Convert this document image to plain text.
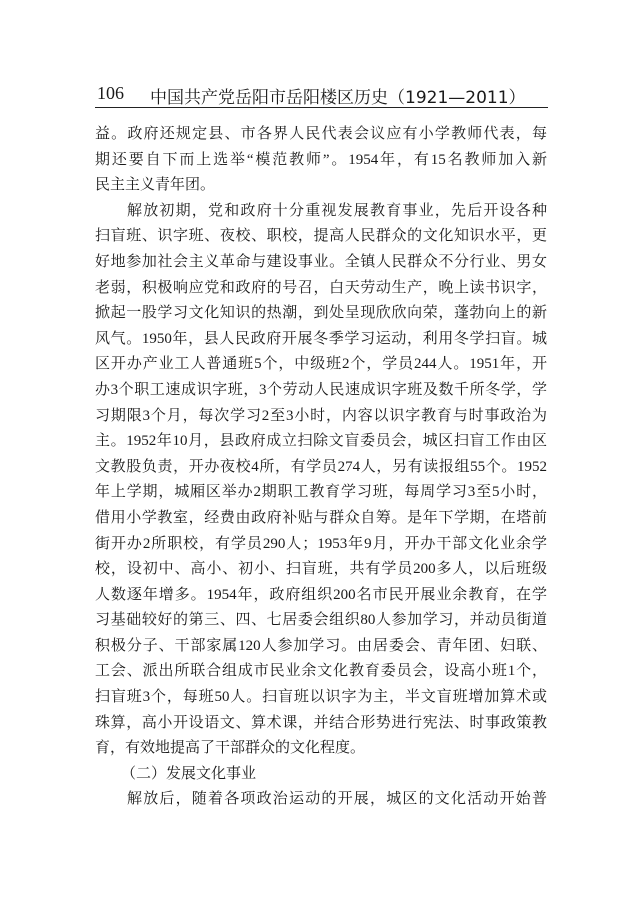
106 中国共产党岳阳市岳阳楼区历史（1921—2011）
益。政府还规定县、市各界人民代表会议应有小学教师代表，每
期还要自下而上选举“模范教师”。1954年，有15名教师加入新
民主主义青年团。
解放初期，党和政府十分重视发展教育事业，先后开设各种
扫盲班、识字班、夜校、职校，提高人民群众的文化知识水平，更
好地参加社会主义革命与建设事业。全镇人民群众不分行业、男女
老弱，积极响应党和政府的号召，白天劳动生产，晚上读书识字，
掀起一股学习文化知识的热潮，到处呈现欣欣向荣，蓬勃向上的新
风气。1950年，县人民政府开展冬季学习运动，利用冬学扫盲。城
区开办产业工人普通班5个，中级班2个，学员244人。1951年，开
办3个职工速成识字班，3个劳动人民速成识字班及数千所冬学，学
习期限3个月，每次学习2至3小时，内容以识字教育与时事政治为
主。1952年10月，县政府成立扫除文盲委员会，城区扫盲工作由区
文教股负责，开办夜校4所，有学员274人，另有读报组55个。1952
年上学期，城厢区举办2期职工教育学习班，每周学习3至5小时，
借用小学教室，经费由政府补贴与群众自筹。是年下学期，在塔前
街开办2所职校，有学员290人；1953年9月，开办干部文化业余学
校，设初中、高小、初小、扫盲班，共有学员200多人，以后班级
人数逐年增多。1954年，政府组织200名市民开展业余教育，在学
习基础较好的第三、四、七居委会组织80人参加学习，并动员街道
积极分子、干部家属120人参加学习。由居委会、青年团、妇联、
工会、派出所联合组成市民业余文化教育委员会，设高小班1个，
扫盲班3个，每班50人。扫盲班以识字为主，半文盲班增加算术或
珠算，高小开设语文、算术课，并结合形势进行宪法、时事政策教
育，有效地提高了干部群众的文化程度。
（二）发展文化事业
解放后，随着各项政治运动的开展，城区的文化活动开始普
